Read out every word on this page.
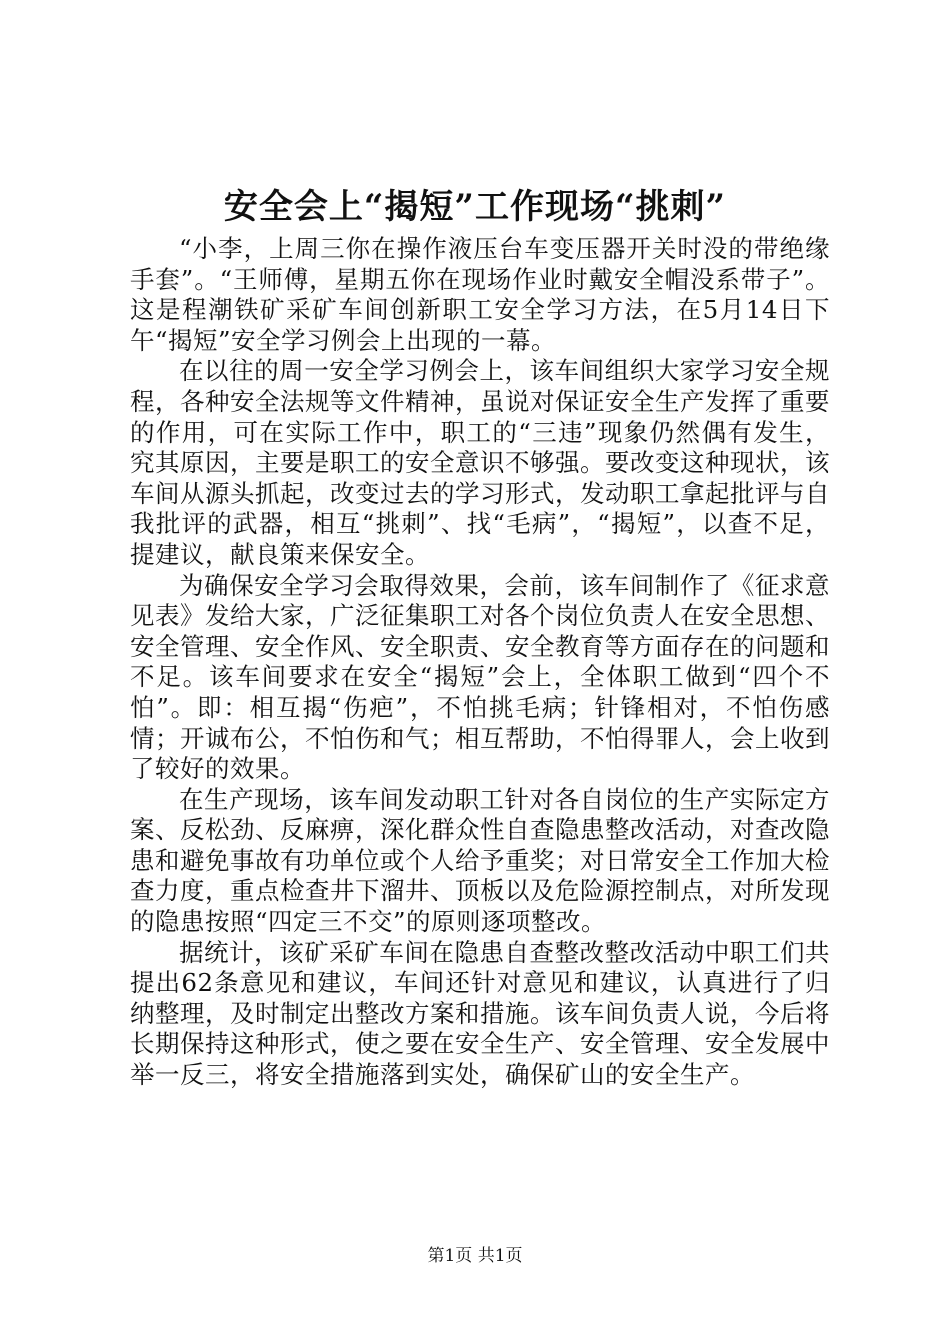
安全会上“揭短”工作现场“挑刺”

“小李，上周三你在操作液压台车变压器开关时没的带绝缘手套”。“王师傅，星期五你在现场作业时戴安全帽没系带子”。这是程潮铁矿采矿车间创新职工安全学习方法，在5月14日下午“揭短”安全学习例会上出现的一幕。

在以往的周一安全学习例会上，该车间组织大家学习安全规程，各种安全法规等文件精神，虽说对保证安全生产发挥了重要的作用，可在实际工作中，职工的“三违”现象仍然偶有发生，究其原因，主要是职工的安全意识不够强。要改变这种现状，该车间从源头抓起，改变过去的学习形式，发动职工拿起批评与自我批评的武器，相互“挑刺”、找“毛病”，“揭短”，以查不足，提建议，献良策来保安全。

为确保安全学习会取得效果，会前，该车间制作了《征求意见表》发给大家，广泛征集职工对各个岗位负责人在安全思想、安全管理、安全作风、安全职责、安全教育等方面存在的问题和不足。该车间要求在安全“揭短”会上，全体职工做到“四个不怕”。即：相互揭“伤疤”，不怕挑毛病；针锋相对，不怕伤感情；开诚布公，不怕伤和气；相互帮助，不怕得罪人，会上收到了较好的效果。

在生产现场，该车间发动职工针对各自岗位的生产实际定方案、反松劲、反麻痹，深化群众性自查隐患整改活动，对查改隐患和避免事故有功单位或个人给予重奖；对日常安全工作加大检查力度，重点检查井下溜井、顶板以及危险源控制点，对所发现的隐患按照“四定三不交”的原则逐项整改。

据统计，该矿采矿车间在隐患自查整改整改活动中职工们共提出62条意见和建议，车间还针对意见和建议，认真进行了归纳整理，及时制定出整改方案和措施。该车间负责人说，今后将长期保持这种形式，使之要在安全生产、安全管理、安全发展中举一反三，将安全措施落到实处，确保矿山的安全生产。

第1页 共1页
